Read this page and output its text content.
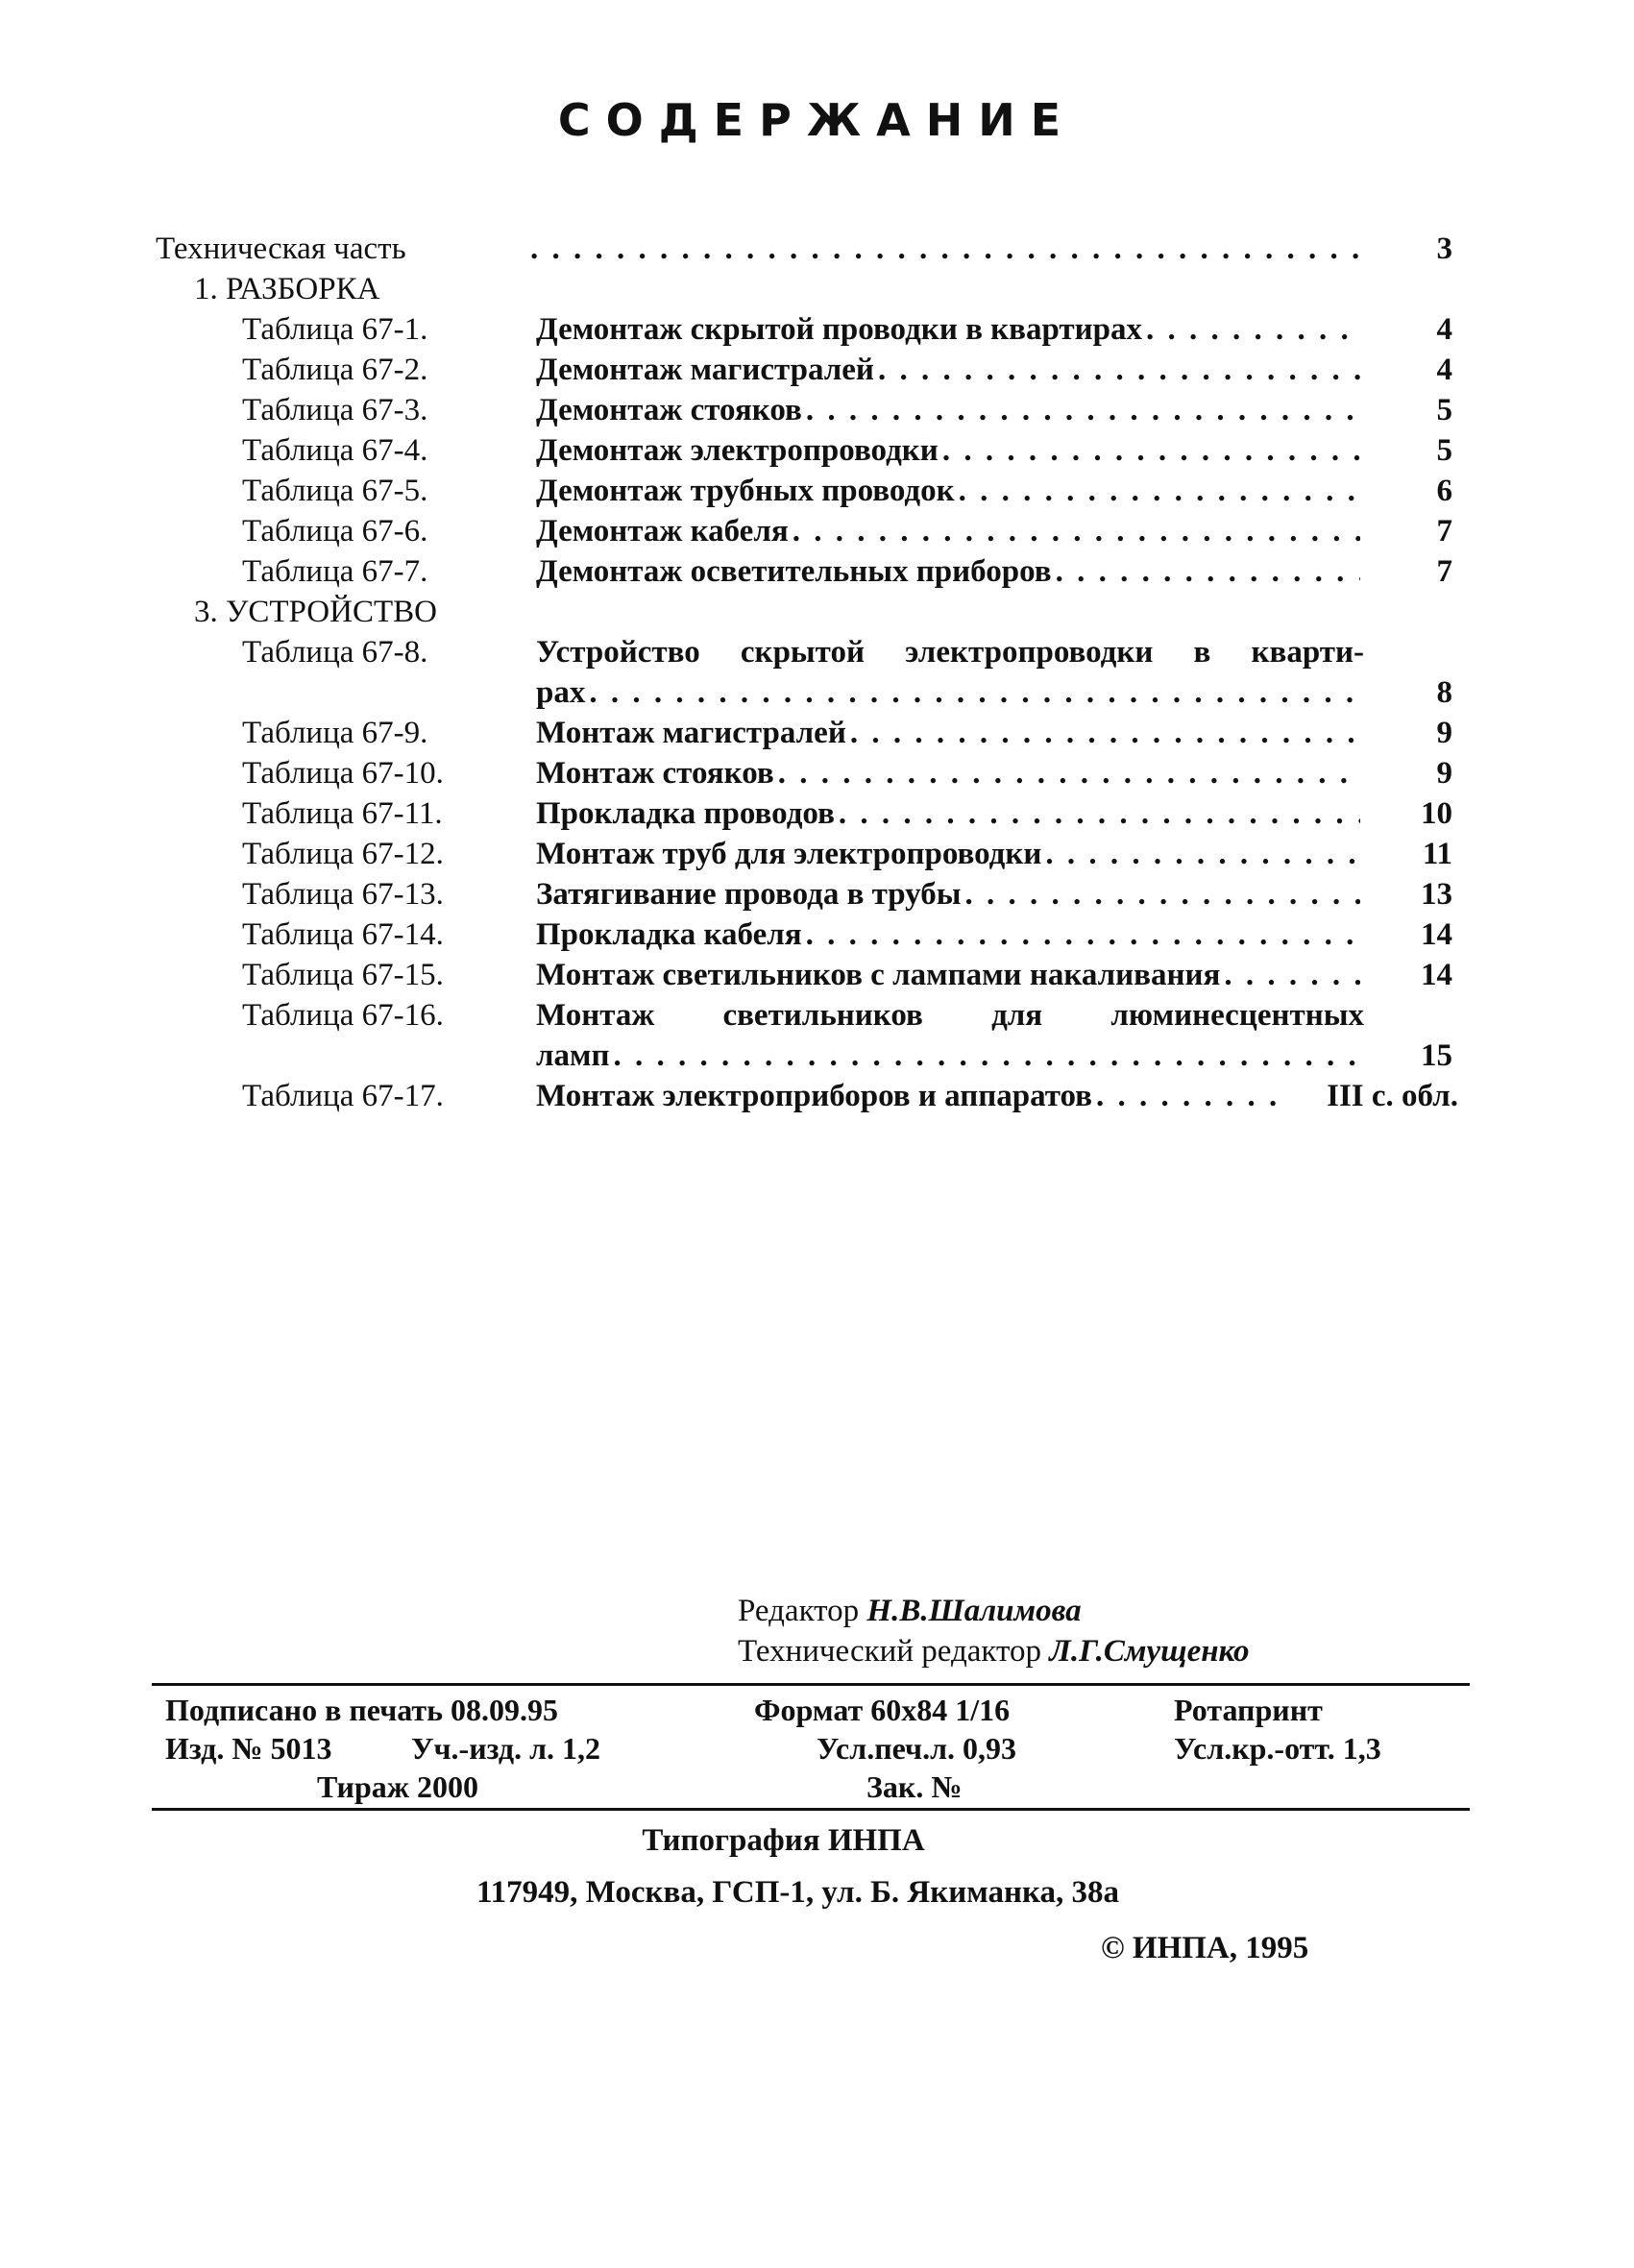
СОДЕРЖАНИЕ
Техническая часть . . .	3
1. РАЗБОРКА
Таблица 67-1.	Демонтаж скрытой проводки в квартирах . . .	4
Таблица 67-2.	Демонтаж магистралей . . .	4
Таблица 67-3.	Демонтаж стояков . . .	5
Таблица 67-4.	Демонтаж электропроводки . . .	5
Таблица 67-5.	Демонтаж трубных проводок . . .	6
Таблица 67-6.	Демонтаж кабеля . . .	7
Таблица 67-7.	Демонтаж осветительных приборов . . .	7
3. УСТРОЙСТВО
Таблица 67-8.	Устройство скрытой электропроводки в кварти-
рах . . .	8
Таблица 67-9.	Монтаж магистралей . . .	9
Таблица 67-10.	Монтаж стояков . . .	9
Таблица 67-11.	Прокладка проводов . . .	10
Таблица 67-12.	Монтаж труб для электропроводки . . .	11
Таблица 67-13.	Затягивание провода в трубы . . .	13
Таблица 67-14.	Прокладка кабеля . . .	14
Таблица 67-15.	Монтаж светильников с лампами накаливания . . .	14
Таблица 67-16.	Монтаж светильников для люминесцентных
ламп . . .	15
Таблица 67-17.	Монтаж электроприборов и аппаратов . . .	III с. обл.
Редактор Н.В.Шалимова
Технический редактор Л.Г.Смущенко
Подписано в печать 08.09.95	Формат 60х84 1/16	Ротапринт
Изд. № 5013	Уч.-изд. л. 1,2	Усл.печ.л. 0,93	Усл.кр.-отт. 1,3
Тираж 2000	Зак. №
Типография ИНПА
117949, Москва, ГСП-1, ул. Б. Якиманка, 38а
© ИНПА, 1995
